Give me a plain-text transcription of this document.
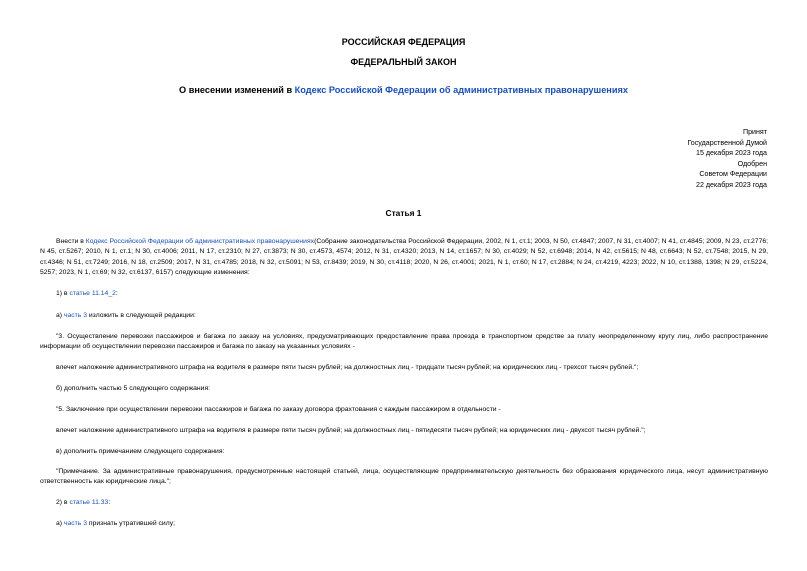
РОССИЙСКАЯ ФЕДЕРАЦИЯ
ФЕДЕРАЛЬНЫЙ ЗАКОН
О внесении изменений в Кодекс Российской Федерации об административных правонарушениях
Принят
Государственной Думой
15 декабря 2023 года
Одобрен
Советом Федерации
22 декабря 2023 года
Статья 1

Внести в Кодекс Российской Федерации об административных правонарушениях(Собрание законодательства Российской Федерации, 2002, N 1, ст.1; 2003, N 50, ст.4847; 2007, N 31, ст.4007; N 41, ст.4845; 2009, N 23, ст.2776; N 45, ст.5267; 2010, N 1, ст.1; N 30, ст.4006; 2011, N 17, ст.2310; N 27, ст.3873; N 30, ст.4573, 4574; 2012, N 31, ст.4320; 2013, N 14, ст.1657; N 30, ст.4029; N 52, ст.6948; 2014, N 42, ст.5615; N 48, ст.6643; N 52, ст.7548; 2015, N 29, ст.4346; N 51, ст.7249; 2016, N 18, ст.2509; 2017, N 31, ст.4785; 2018, N 32, ст.5091; N 53, ст.8439; 2019, N 30, ст.4118; 2020, N 26, ст.4001; 2021, N 1, ст.60; N 17, ст.2884; N 24, ст.4219, 4223; 2022, N 10, ст.1388, 1398; N 29, ст.5224, 5257; 2023, N 1, ст.69; N 32, ст.6137, 6157) следующие изменения:

1) в статье 11.14_2:

а) часть 3 изложить в следующей редакции:

"3. Осуществление перевозки пассажиров и багажа по заказу на условиях, предусматривающих предоставление права проезда в транспортном средстве за плату неопределенному кругу лиц, либо распространение информации об осуществлении перевозки пассажиров и багажа по заказу на указанных условиях -

влечет наложение административного штрафа на водителя в размере пяти тысяч рублей; на должностных лиц - тридцати тысяч рублей; на юридических лиц - трехсот тысяч рублей.";

б) дополнить частью 5 следующего содержания:

"5. Заключение при осуществлении перевозки пассажиров и багажа по заказу договора фрахтования с каждым пассажиром в отдельности -

влечет наложение административного штрафа на водителя в размере пяти тысяч рублей; на должностных лиц - пятидесяти тысяч рублей; на юридических лиц - двухсот тысяч рублей.";

в) дополнить примечанием следующего содержания:

"Примечание. За административные правонарушения, предусмотренные настоящей статьей, лица, осуществляющие предпринимательскую деятельность без образования юридического лица, несут административную ответственность как юридические лица.";

2) в статье 11.33:

а) часть 3 признать утратившей силу;
